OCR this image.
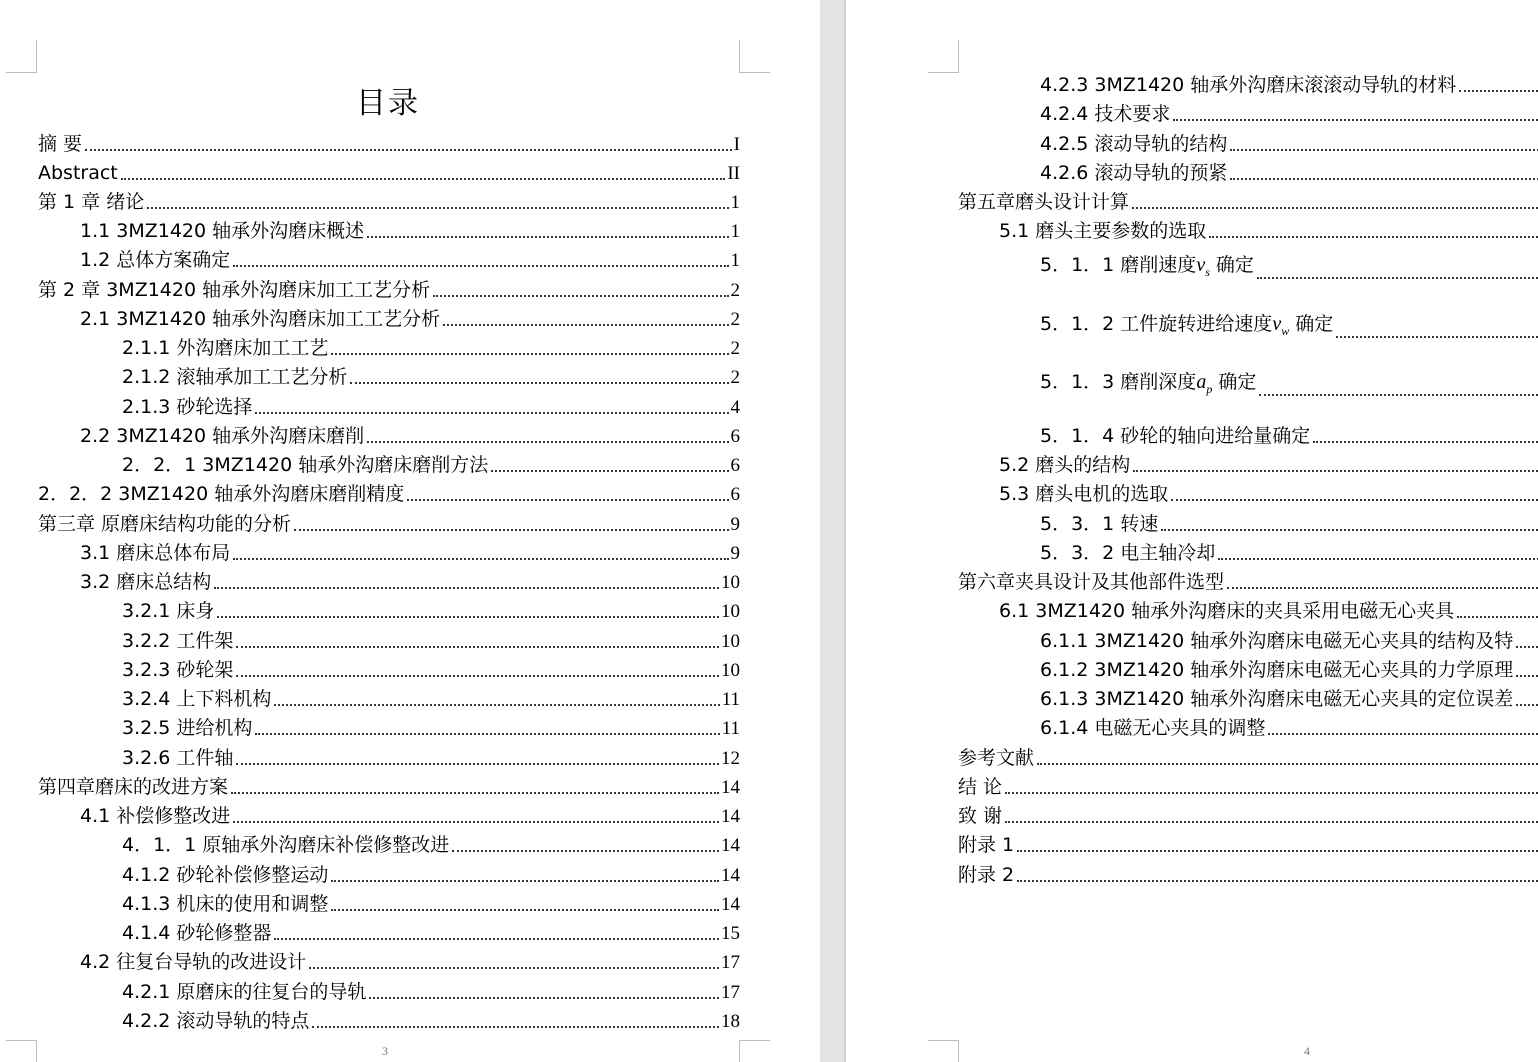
目录
摘 要	I
Abstract	II
第 1 章 绪论	1
1.1 3MZ1420 轴承外沟磨床概述	1
1.2 总体方案确定	1
第 2 章 3MZ1420 轴承外沟磨床加工工艺分析	2
2.1 3MZ1420 轴承外沟磨床加工工艺分析	2
2.1.1 外沟磨床加工工艺	2
2.1.2 滚轴承加工工艺分析	2
2.1.3 砂轮选择	4
2.2 3MZ1420 轴承外沟磨床磨削	6
2．2．1 3MZ1420 轴承外沟磨床磨削方法	6
2．2．2 3MZ1420 轴承外沟磨床磨削精度	6
第三章 原磨床结构功能的分析	9
3.1 磨床总体布局	9
3.2 磨床总结构	10
3.2.1 床身	10
3.2.2 工件架	10
3.2.3 砂轮架	10
3.2.4 上下料机构	11
3.2.5 进给机构	11
3.2.6 工件轴	12
第四章磨床的改进方案	14
4.1 补偿修整改进	14
4．1．1 原轴承外沟磨床补偿修整改进	14
4.1.2 砂轮补偿修整运动	14
4.1.3 机床的使用和调整	14
4.1.4 砂轮修整器	15
4.2 往复台导轨的改进设计	17
4.2.1 原磨床的往复台的导轨	17
4.2.2 滚动导轨的特点	18
3
4.2.3 3MZ1420 轴承外沟磨床滚滚动导轨的材料
4.2.4 技术要求
4.2.5 滚动导轨的结构
4.2.6 滚动导轨的预紧
第五章磨头设计计算
5.1 磨头主要参数的选取
5．1．1 磨削速度$v_s$ 确定
5．1．2 工件旋转进给速度$v_w$ 确定
5．1．3 磨削深度$a_p$ 确定
5．1．4 砂轮的轴向进给量确定
5.2 磨头的结构
5.3 磨头电机的选取
5．3．1 转速
5．3．2 电主轴冷却
第六章夹具设计及其他部件选型
6.1 3MZ1420 轴承外沟磨床的夹具采用电磁无心夹具
6.1.1 3MZ1420 轴承外沟磨床电磁无心夹具的结构及特
6.1.2 3MZ1420 轴承外沟磨床电磁无心夹具的力学原理
6.1.3 3MZ1420 轴承外沟磨床电磁无心夹具的定位误差
6.1.4 电磁无心夹具的调整
参考文献
结 论
致 谢
附录 1
附录 2
4
